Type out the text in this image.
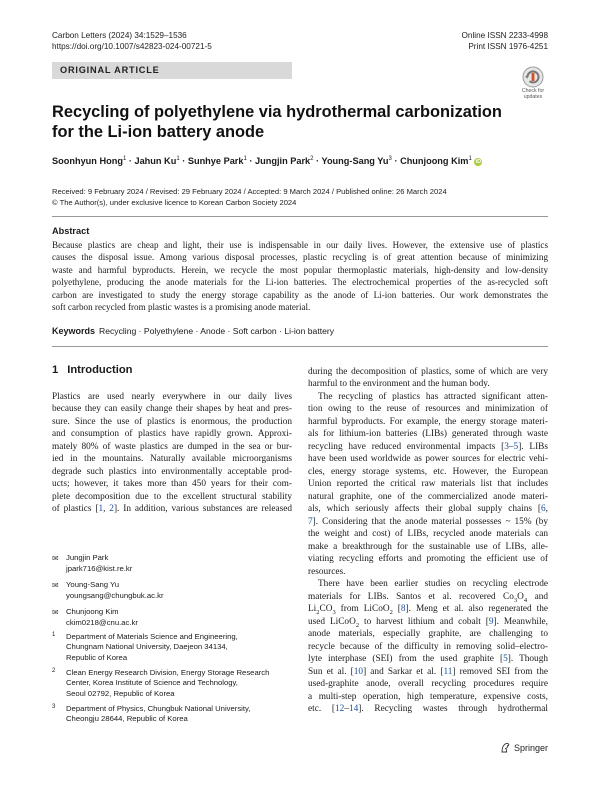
Carbon Letters (2024) 34:1529–1536
https://doi.org/10.1007/s42823-024-00721-5
Online ISSN 2233-4998
Print ISSN 1976-4251
ORIGINAL ARTICLE
Check for
updates
Recycling of polyethylene via hydrothermal carbonization
for the Li-ion battery anode
Soonhyun Hong$^1$ · Jahun $Ku^1$ · Sunhye Park$^1$ · Jungjin Park$^2$ · Young-Sang $Yu^3$ · Chunjoong Kim$^1$ iD
Received: 9 February 2024 / Revised: 29 February 2024 / Accepted: 9 March 2024 / Published online: 26 March 2024
© The Author(s), under exclusive licence to Korean Carbon Society 2024
Abstract
Because plastics are cheap and light, their use is indispensable in our daily lives. However, the extensive use of plastics
causes the disposal issue. Among various disposal processes, plastic recycling is of great attention because of minimizing
waste and harmful byproducts. Herein, we recycle the most popular thermoplastic materials, high-density and low-density
polyethylene, producing the anode materials for the Li-ion batteries. The electrochemical properties of the as-recycled soft
carbon are investigated to study the energy storage capability as the anode of Li-ion batteries. Our work demonstrates the
soft carbon recycled from plastic wastes is a promising anode material.
Keywords Recycling · Polyethylene · Anode · Soft carbon · Li-ion battery
1 Introduction
Plastics are used nearly everywhere in our daily lives
because they can easily change their shapes by heat and pres-
sure. Since the use of plastics is enormous, the production
and consumption of plastics have rapidly grown. Approxi-
mately 80% of waste plastics are dumped in the sea or bur-
ied in the mountains. Naturally available microorganisms
degrade such plastics into environmentally acceptable prod-
ucts; however, it takes more than 450 years for their com-
plete decomposition due to the excellent structural stability
of plastics [1, 2]. In addition, various substances are released
during the decomposition of plastics, some of which are very
harmful to the environment and the human body.
The recycling of plastics has attracted significant atten-
tion owing to the reuse of resources and minimization of
harmful byproducts. For example, the energy storage materi-
als for lithium-ion batteries (LIBs) generated through waste
recycling have reduced environmental impacts [3–5]. LIBs
have been used worldwide as power sources for electric vehi-
cles, energy storage systems, etc. However, the European
Union reported the critical raw materials list that includes
natural graphite, one of the commercialized anode materi-
als, which seriously affects their global supply chains [6,
7]. Considering that the anode material possesses ~ 15% (by
the weight and cost) of LIBs, recycled anode materials can
make a breakthrough for the sustainable use of LIBs, alle-
viating recycling efforts and promoting the efficient use of
resources.
There have been earlier studies on recycling electrode
materials for LIBs. Santos et al. recovered $Co_3O_4$ and
$Li_2CO_3$ from LiCoO$_2$ [8]. Meng et al. also regenerated the
used LiCoO$_2$ to harvest lithium and cobalt [9]. Meanwhile,
anode materials, especially graphite, are challenging to
recycle because of the difficulty in removing solid–electro-
lyte interphase (SEI) from the used graphite [5]. Though
Sun et al. [10] and Sarkar et al. [11] removed SEI from the
used-graphite anode, overall recycling procedures require
a multi-step operation, high temperature, expensive costs,
etc. [12–14]. Recycling wastes through hydrothermal
✉ Jungjin Park
jpark716@kist.re.kr
✉ Young-Sang Yu
youngsang@chungbuk.ac.kr
✉ Chunjoong Kim
ckim0218@cnu.ac.kr
1 Department of Materials Science and Engineering,
Chungnam National University, Daejeon 34134,
Republic of Korea
2 Clean Energy Research Division, Energy Storage Research
Center, Korea Institute of Science and Technology,
Seoul 02792, Republic of Korea
3 Department of Physics, Chungbuk National University,
Cheongju 28644, Republic of Korea
Springer
